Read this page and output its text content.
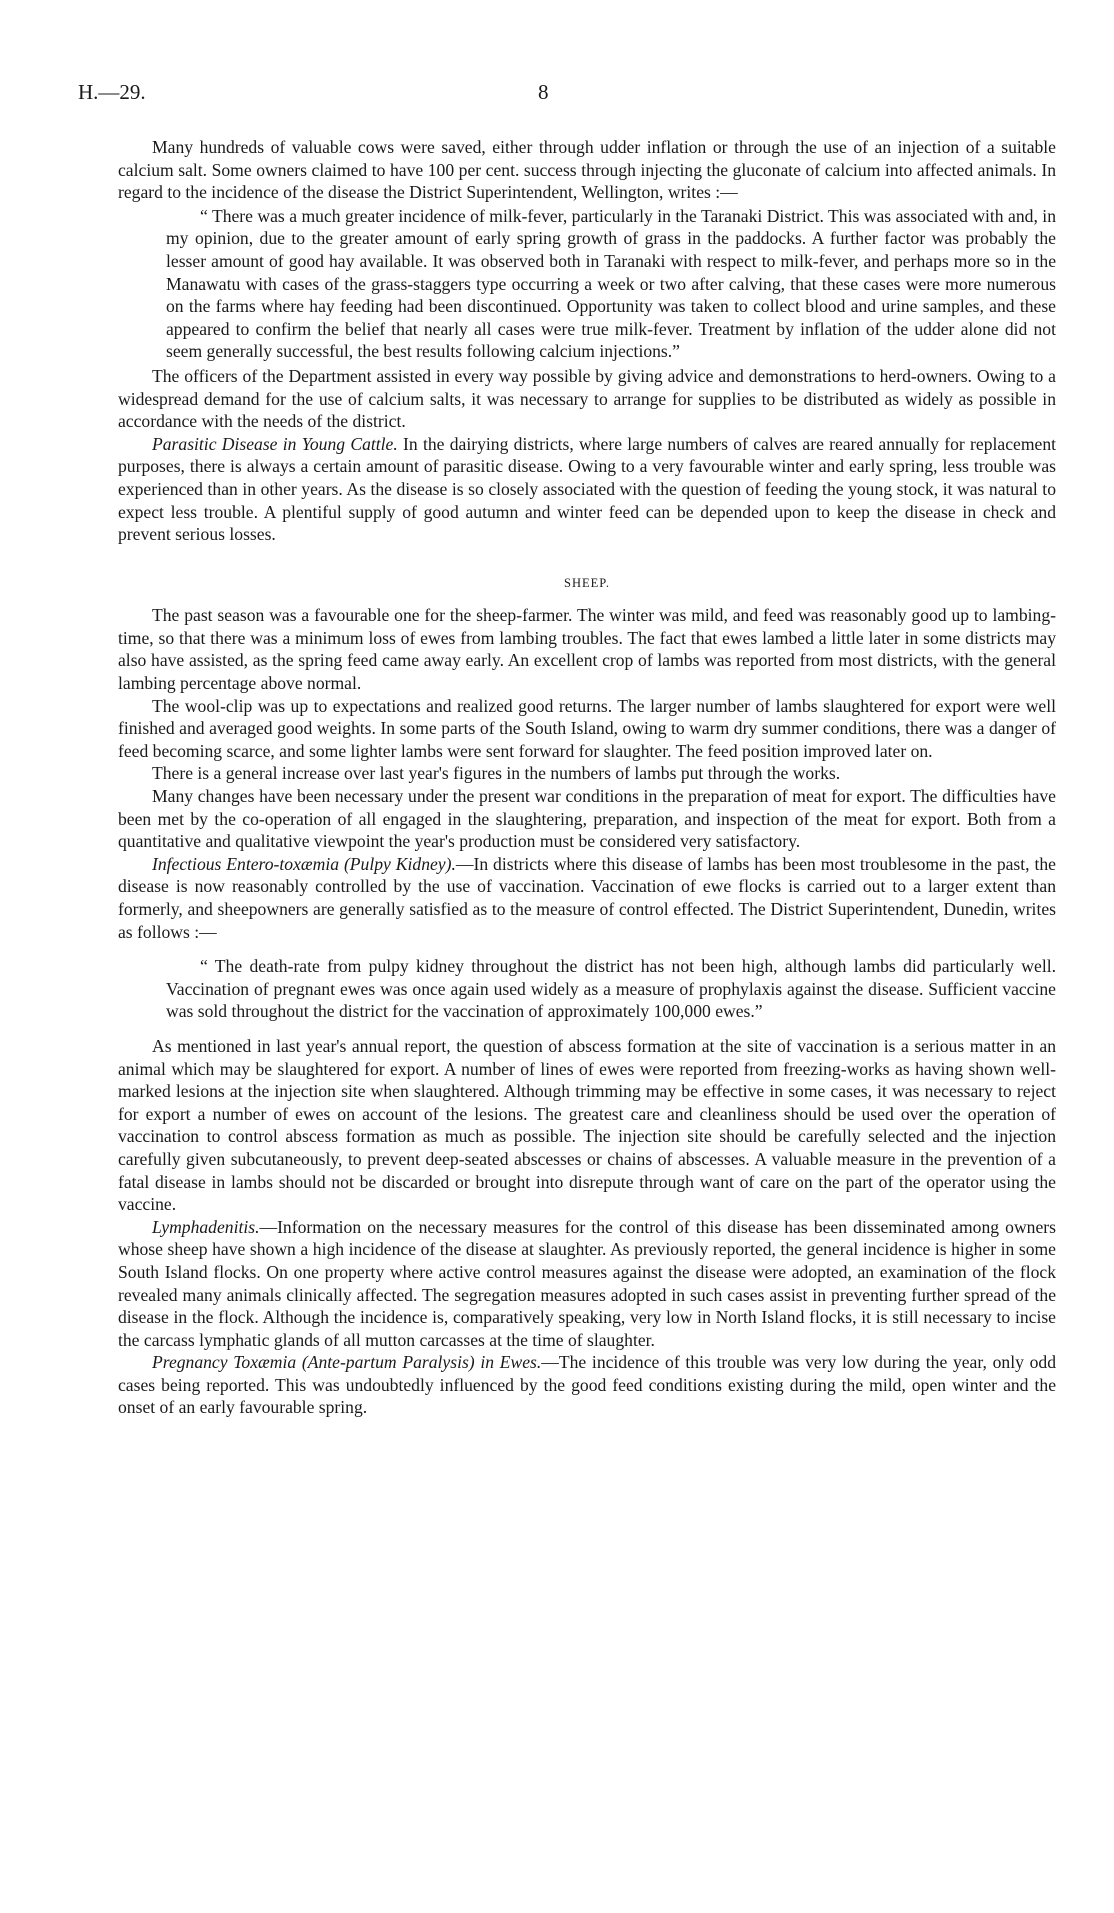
H.—29.	8

Many hundreds of valuable cows were saved, either through udder inflation or through the use of an injection of a suitable calcium salt. Some owners claimed to have 100 per cent. success through injecting the gluconate of calcium into affected animals. In regard to the incidence of the disease the District Superintendent, Wellington, writes :—

“ There was a much greater incidence of milk-fever, particularly in the Taranaki District. This was associated with and, in my opinion, due to the greater amount of early spring growth of grass in the paddocks. A further factor was probably the lesser amount of good hay available. It was observed both in Taranaki with respect to milk-fever, and perhaps more so in the Manawatu with cases of the grass-staggers type occurring a week or two after calving, that these cases were more numerous on the farms where hay feeding had been discontinued. Opportunity was taken to collect blood and urine samples, and these appeared to confirm the belief that nearly all cases were true milk-fever. Treatment by inflation of the udder alone did not seem generally successful, the best results following calcium injections.”

The officers of the Department assisted in every way possible by giving advice and demonstrations to herd-owners. Owing to a widespread demand for the use of calcium salts, it was necessary to arrange for supplies to be distributed as widely as possible in accordance with the needs of the district.

Parasitic Disease in Young Cattle. In the dairying districts, where large numbers of calves are reared annually for replacement purposes, there is always a certain amount of parasitic disease. Owing to a very favourable winter and early spring, less trouble was experienced than in other years. As the disease is so closely associated with the question of feeding the young stock, it was natural to expect less trouble. A plentiful supply of good autumn and winter feed can be depended upon to keep the disease in check and prevent serious losses.

SHEEP.

The past season was a favourable one for the sheep-farmer. The winter was mild, and feed was reasonably good up to lambing-time, so that there was a minimum loss of ewes from lambing troubles. The fact that ewes lambed a little later in some districts may also have assisted, as the spring feed came away early. An excellent crop of lambs was reported from most districts, with the general lambing percentage above normal.

The wool-clip was up to expectations and realized good returns. The larger number of lambs slaughtered for export were well finished and averaged good weights. In some parts of the South Island, owing to warm dry summer conditions, there was a danger of feed becoming scarce, and some lighter lambs were sent forward for slaughter. The feed position improved later on.

There is a general increase over last year's figures in the numbers of lambs put through the works.

Many changes have been necessary under the present war conditions in the preparation of meat for export. The difficulties have been met by the co-operation of all engaged in the slaughtering, preparation, and inspection of the meat for export. Both from a quantitative and qualitative viewpoint the year's production must be considered very satisfactory.

Infectious Entero-toxæmia (Pulpy Kidney).—In districts where this disease of lambs has been most troublesome in the past, the disease is now reasonably controlled by the use of vaccination. Vaccination of ewe flocks is carried out to a larger extent than formerly, and sheepowners are generally satisfied as to the measure of control effected. The District Superintendent, Dunedin, writes as follows :—

“ The death-rate from pulpy kidney throughout the district has not been high, although lambs did particularly well. Vaccination of pregnant ewes was once again used widely as a measure of prophylaxis against the disease. Sufficient vaccine was sold throughout the district for the vaccination of approximately 100,000 ewes.”

As mentioned in last year's annual report, the question of abscess formation at the site of vaccination is a serious matter in an animal which may be slaughtered for export. A number of lines of ewes were reported from freezing-works as having shown well-marked lesions at the injection site when slaughtered. Although trimming may be effective in some cases, it was necessary to reject for export a number of ewes on account of the lesions. The greatest care and cleanliness should be used over the operation of vaccination to control abscess formation as much as possible. The injection site should be carefully selected and the injection carefully given subcutaneously, to prevent deep-seated abscesses or chains of abscesses. A valuable measure in the prevention of a fatal disease in lambs should not be discarded or brought into disrepute through want of care on the part of the operator using the vaccine.

Lymphadenitis.—Information on the necessary measures for the control of this disease has been disseminated among owners whose sheep have shown a high incidence of the disease at slaughter. As previously reported, the general incidence is higher in some South Island flocks. On one property where active control measures against the disease were adopted, an examination of the flock revealed many animals clinically affected. The segregation measures adopted in such cases assist in preventing further spread of the disease in the flock. Although the incidence is, comparatively speaking, very low in North Island flocks, it is still necessary to incise the carcass lymphatic glands of all mutton carcasses at the time of slaughter.

Pregnancy Toxæmia (Ante-partum Paralysis) in Ewes.—The incidence of this trouble was very low during the year, only odd cases being reported. This was undoubtedly influenced by the good feed conditions existing during the mild, open winter and the onset of an early favourable spring.
